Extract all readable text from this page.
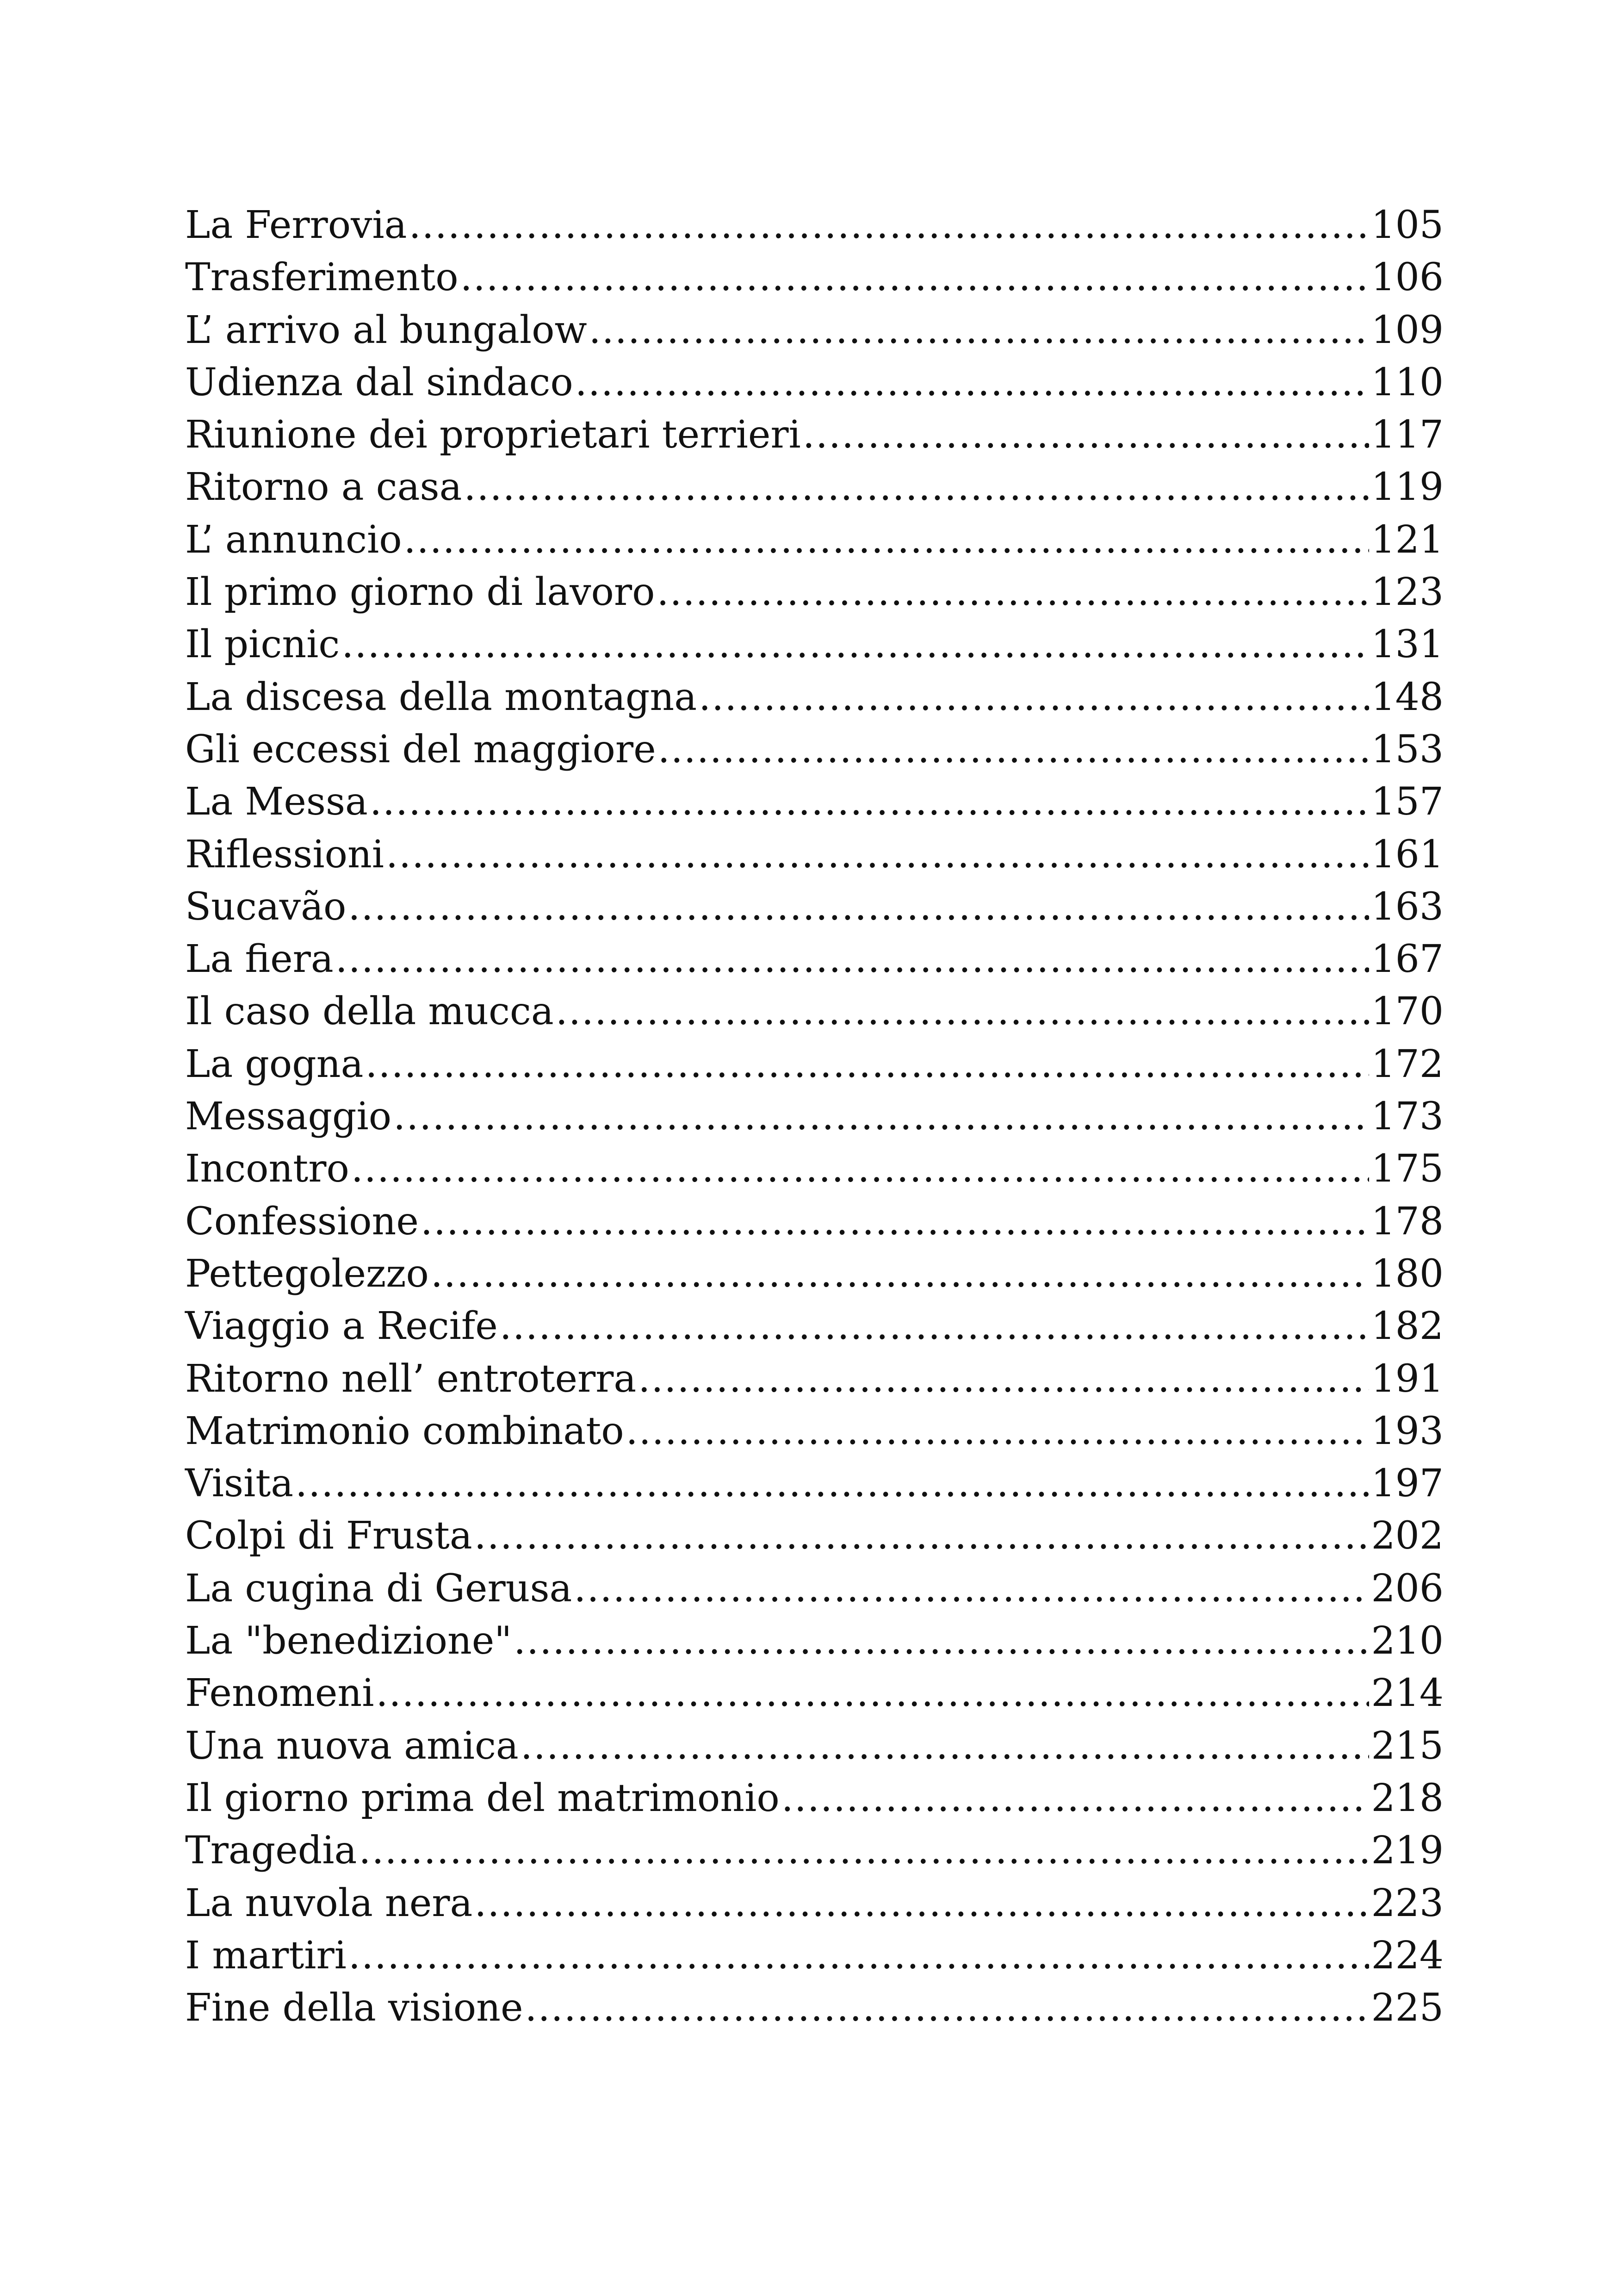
La Ferrovia .....	105
Trasferimento .....	106
L’ arrivo al bungalow .....	109
Udienza dal sindaco .....	110
Riunione dei proprietari terrieri .....	117
Ritorno a casa .....	119
L’ annuncio .....	121
Il primo giorno di lavoro .....	123
Il picnic .....	131
La discesa della montagna .....	148
Gli eccessi del maggiore .....	153
La Messa .....	157
Riflessioni .....	161
Sucavão .....	163
La fiera .....	167
Il caso della mucca .....	170
La gogna .....	172
Messaggio .....	173
Incontro .....	175
Confessione .....	178
Pettegolezzo .....	180
Viaggio a Recife .....	182
Ritorno nell’ entroterra .....	191
Matrimonio combinato .....	193
Visita .....	197
Colpi di Frusta .....	202
La cugina di Gerusa .....	206
La "benedizione" .....	210
Fenomeni .....	214
Una nuova amica .....	215
Il giorno prima del matrimonio .....	218
Tragedia .....	219
La nuvola nera .....	223
I martiri .....	224
Fine della visione .....	225
